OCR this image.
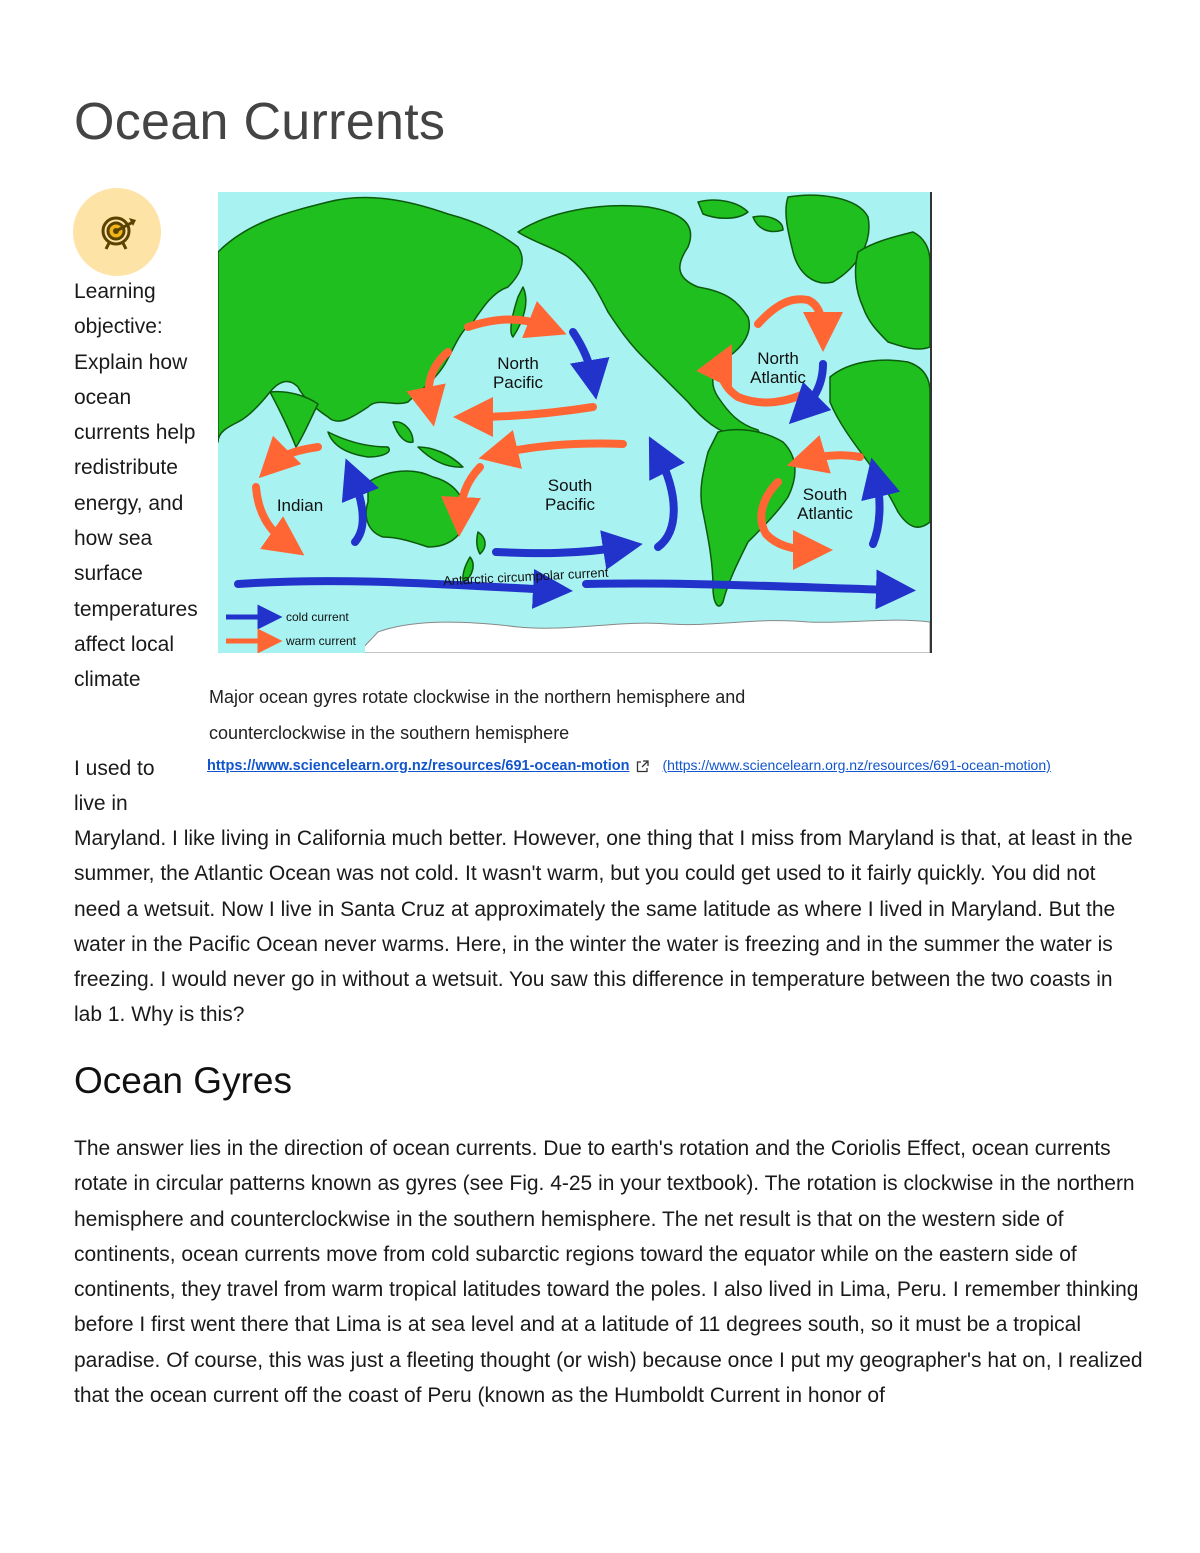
Ocean Currents
Learning objective: Explain how ocean currents help redistribute energy, and how sea surface temperatures affect local climate
North
Pacific
North
Atlantic
South
Pacific
South
Atlantic
Indian
Antarctic circumpolar current
cold current
warm current
Major ocean gyres rotate clockwise in the northern hemisphere and counterclockwise in the southern hemisphere
https://www.sciencelearn.org.nz/resources/691-ocean-motion (https://www.sciencelearn.org.nz/resources/691-ocean-motion)

I used to live in

Maryland. I like living in California much better. However, one thing that I miss from Maryland is that, at least in the summer, the Atlantic Ocean was not cold. It wasn't warm, but you could get used to it fairly quickly. You did not need a wetsuit. Now I live in Santa Cruz at approximately the same latitude as where I lived in Maryland. But the water in the Pacific Ocean never warms. Here, in the winter the water is freezing and in the summer the water is freezing. I would never go in without a wetsuit. You saw this difference in temperature between the two coasts in lab 1. Why is this?

Ocean Gyres

The answer lies in the direction of ocean currents. Due to earth's rotation and the Coriolis Effect, ocean currents rotate in circular patterns known as gyres (see Fig. 4-25 in your textbook). The rotation is clockwise in the northern hemisphere and counterclockwise in the southern hemisphere. The net result is that on the western side of continents, ocean currents move from cold subarctic regions toward the equator while on the eastern side of continents, they travel from warm tropical latitudes toward the poles. I also lived in Lima, Peru. I remember thinking before I first went there that Lima is at sea level and at a latitude of 11 degrees south, so it must be a tropical paradise. Of course, this was just a fleeting thought (or wish) because once I put my geographer's hat on, I realized that the ocean current off the coast of Peru (known as the Humboldt Current in honor of
